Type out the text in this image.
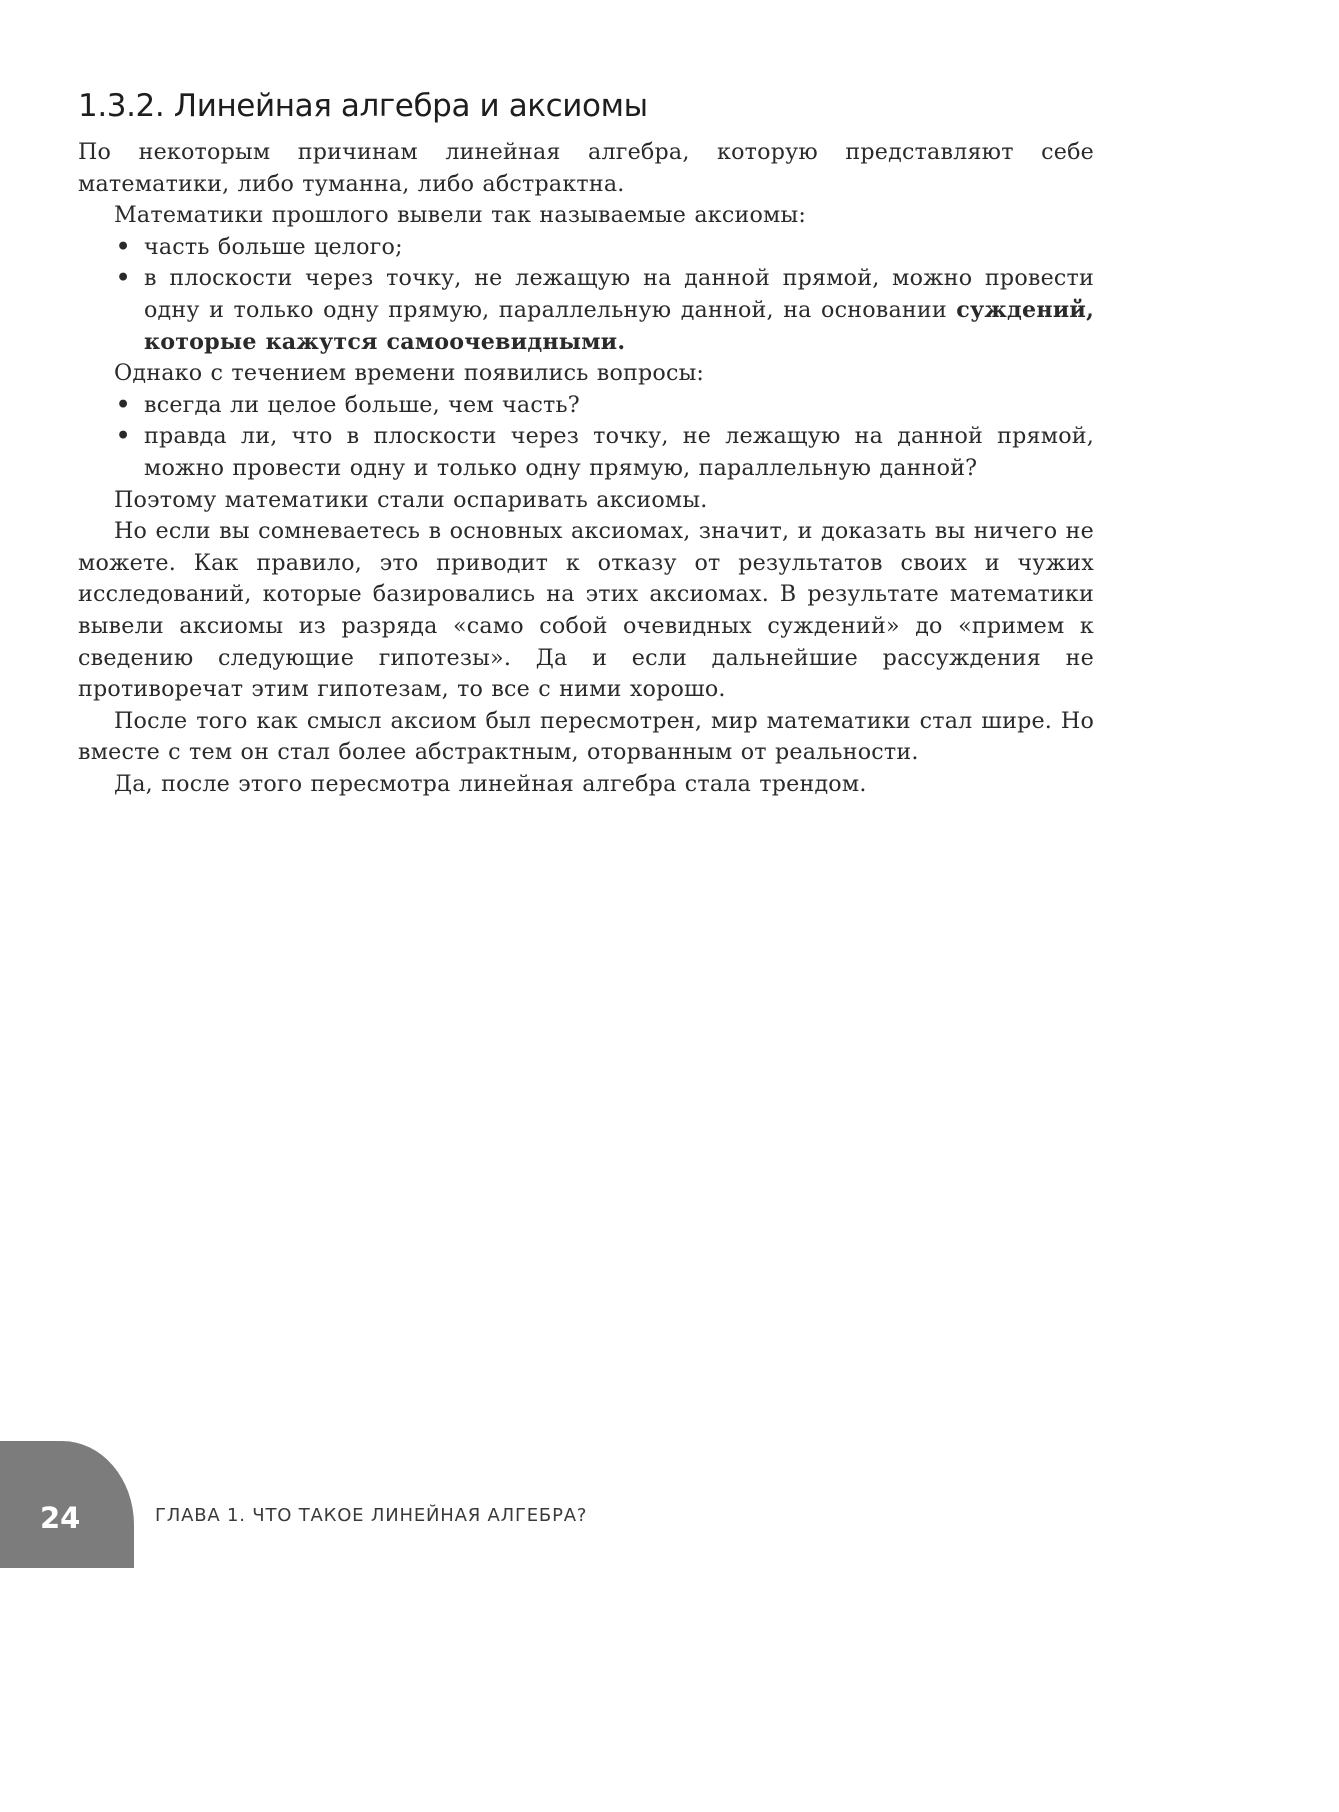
1.3.2. Линейная алгебра и аксиомы

По некоторым причинам линейная алгебра, которую представляют себе математики, либо туманна, либо абстрактна.

Математики прошлого вывели так называемые аксиомы:

• часть больше целого;
• в плоскости через точку, не лежащую на данной прямой, можно провести одну и только одну прямую, параллельную данной, на основании суждений, которые кажутся самоочевидными.

Однако с течением времени появились вопросы:

• всегда ли целое больше, чем часть?
• правда ли, что в плоскости через точку, не лежащую на данной прямой, можно провести одну и только одну прямую, параллельную данной?

Поэтому математики стали оспаривать аксиомы.

Но если вы сомневаетесь в основных аксиомах, значит, и доказать вы ничего не можете. Как правило, это приводит к отказу от результатов своих и чужих исследований, которые базировались на этих аксиомах. В результате математики вывели аксиомы из разряда «само собой очевидных суждений» до «примем к сведению следующие гипотезы». Да и если дальнейшие рассуждения не противоречат этим гипотезам, то все с ними хорошо.

После того как смысл аксиом был пересмотрен, мир математики стал шире. Но вместе с тем он стал более абстрактным, оторванным от реальности.

Да, после этого пересмотра линейная алгебра стала трендом.

24	ГЛАВА 1. ЧТО ТАКОЕ ЛИНЕЙНАЯ АЛГЕБРА?
